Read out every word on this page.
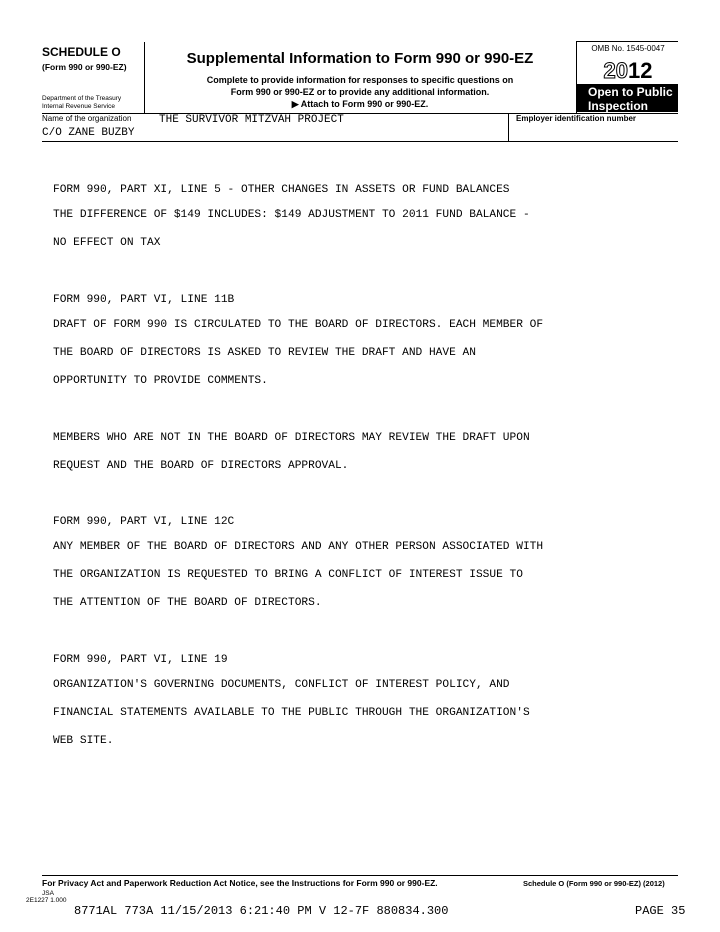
SCHEDULE O
(Form 990 or 990-EZ)
Department of the Treasury
Internal Revenue Service
Supplemental Information to Form 990 or 990-EZ
Complete to provide information for responses to specific questions on
Form 990 or 990-EZ or to provide any additional information.
▶ Attach to Form 990 or 990-EZ.
OMB No. 1545-0047
2012
Open to Public
Inspection
Name of the organization	THE SURVIVOR MITZVAH PROJECT
C/O ZANE BUZBY
Employer identification number
FORM 990, PART XI, LINE 5 - OTHER CHANGES IN ASSETS OR FUND BALANCES
THE DIFFERENCE OF $149 INCLUDES: $149 ADJUSTMENT TO 2011 FUND BALANCE -
NO EFFECT ON TAX
FORM 990, PART VI, LINE 11B
DRAFT OF FORM 990 IS CIRCULATED TO THE BOARD OF DIRECTORS. EACH MEMBER OF
THE BOARD OF DIRECTORS IS ASKED TO REVIEW THE DRAFT AND HAVE AN
OPPORTUNITY TO PROVIDE COMMENTS.
MEMBERS WHO ARE NOT IN THE BOARD OF DIRECTORS MAY REVIEW THE DRAFT UPON
REQUEST AND THE BOARD OF DIRECTORS APPROVAL.
FORM 990, PART VI, LINE 12C
ANY MEMBER OF THE BOARD OF DIRECTORS AND ANY OTHER PERSON ASSOCIATED WITH
THE ORGANIZATION IS REQUESTED TO BRING A CONFLICT OF INTEREST ISSUE TO
THE ATTENTION OF THE BOARD OF DIRECTORS.
FORM 990, PART VI, LINE 19
ORGANIZATION'S GOVERNING DOCUMENTS, CONFLICT OF INTEREST POLICY, AND
FINANCIAL STATEMENTS AVAILABLE TO THE PUBLIC THROUGH THE ORGANIZATION'S
WEB SITE.
For Privacy Act and Paperwork Reduction Act Notice, see the Instructions for Form 990 or 990-EZ.	Schedule O (Form 990 or 990-EZ) (2012)
JSA
2E1227 1.000
8771AL 773A 11/15/2013 6:21:40 PM V 12-7F 880834.300	PAGE 35
